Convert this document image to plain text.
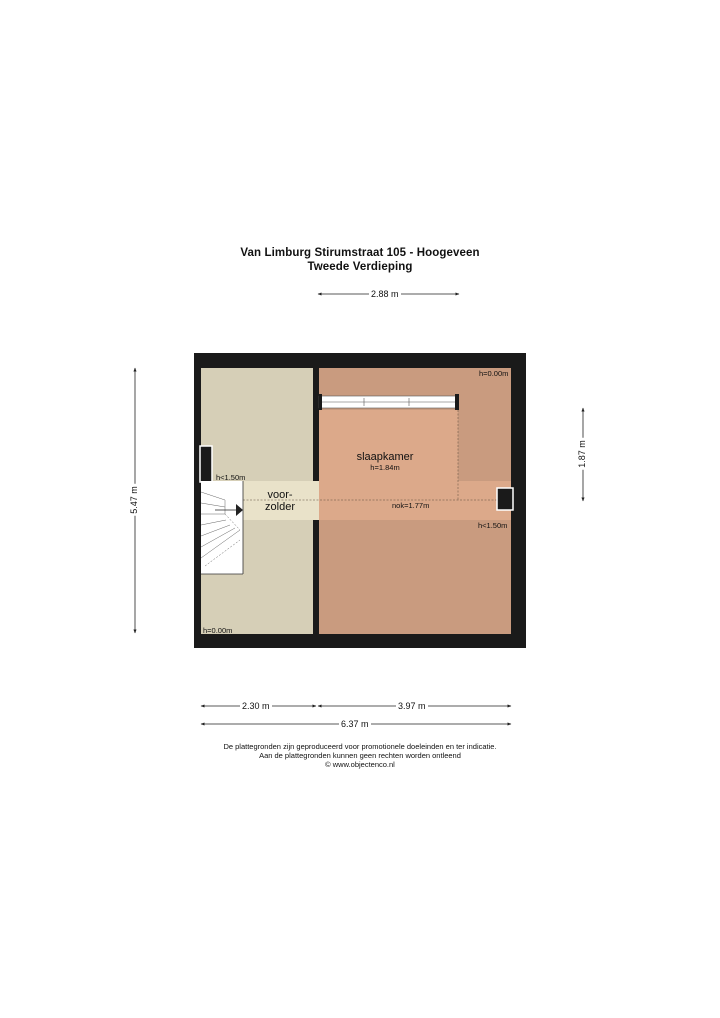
Van Limburg Stirumstraat 105 - Hoogeveen
Tweede Verdieping
2.88 m
5.47 m
1.87 m
2.30 m	3.97 m
6.37 m
slaapkamer
h=1.84m
voor-
zolder
h=0.00m
h<1.50m
nok=1.77m
h<1.50m
h=0.00m
De plattegronden zijn geproduceerd voor promotionele doeleinden en ter indicatie.
Aan de plattegronden kunnen geen rechten worden ontleend
© www.objectenco.nl
